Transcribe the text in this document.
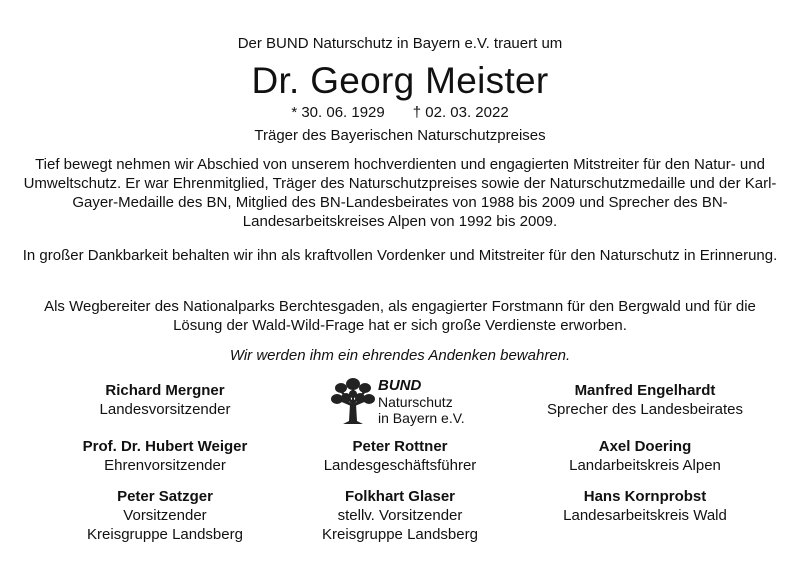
Der BUND Naturschutz in Bayern e.V. trauert um
Dr. Georg Meister
* 30. 06. 1929 † 02. 03. 2022
Träger des Bayerischen Naturschutzpreises
Tief bewegt nehmen wir Abschied von unserem hochverdienten und engagierten Mitstreiter für den Natur- und Umweltschutz. Er war Ehrenmitglied, Träger des Naturschutzpreises sowie der Naturschutzmedaille und der Karl-Gayer-Medaille des BN, Mitglied des BN-Landesbeirates von 1988 bis 2009 und Sprecher des BN-Landesarbeitskreises Alpen von 1992 bis 2009.
In großer Dankbarkeit behalten wir ihn als kraftvollen Vordenker und Mitstreiter für den Naturschutz in Erinnerung.
Als Wegbereiter des Nationalparks Berchtesgaden, als engagierter Forstmann für den Bergwald und für die Lösung der Wald-Wild-Frage hat er sich große Verdienste erworben.
Wir werden ihm ein ehrendes Andenken bewahren.
Richard Mergner
Landesvorsitzender
Prof. Dr. Hubert Weiger
Ehrenvorsitzender
Peter Satzger
Vorsitzender
Kreisgruppe Landsberg
BUND
Naturschutz
in Bayern e.V.
Peter Rottner
Landesgeschäftsführer
Folkhart Glaser
stellv. Vorsitzender
Kreisgruppe Landsberg
Manfred Engelhardt
Sprecher des Landesbeirates
Axel Doering
Landarbeitskreis Alpen
Hans Kornprobst
Landesarbeitskreis Wald
